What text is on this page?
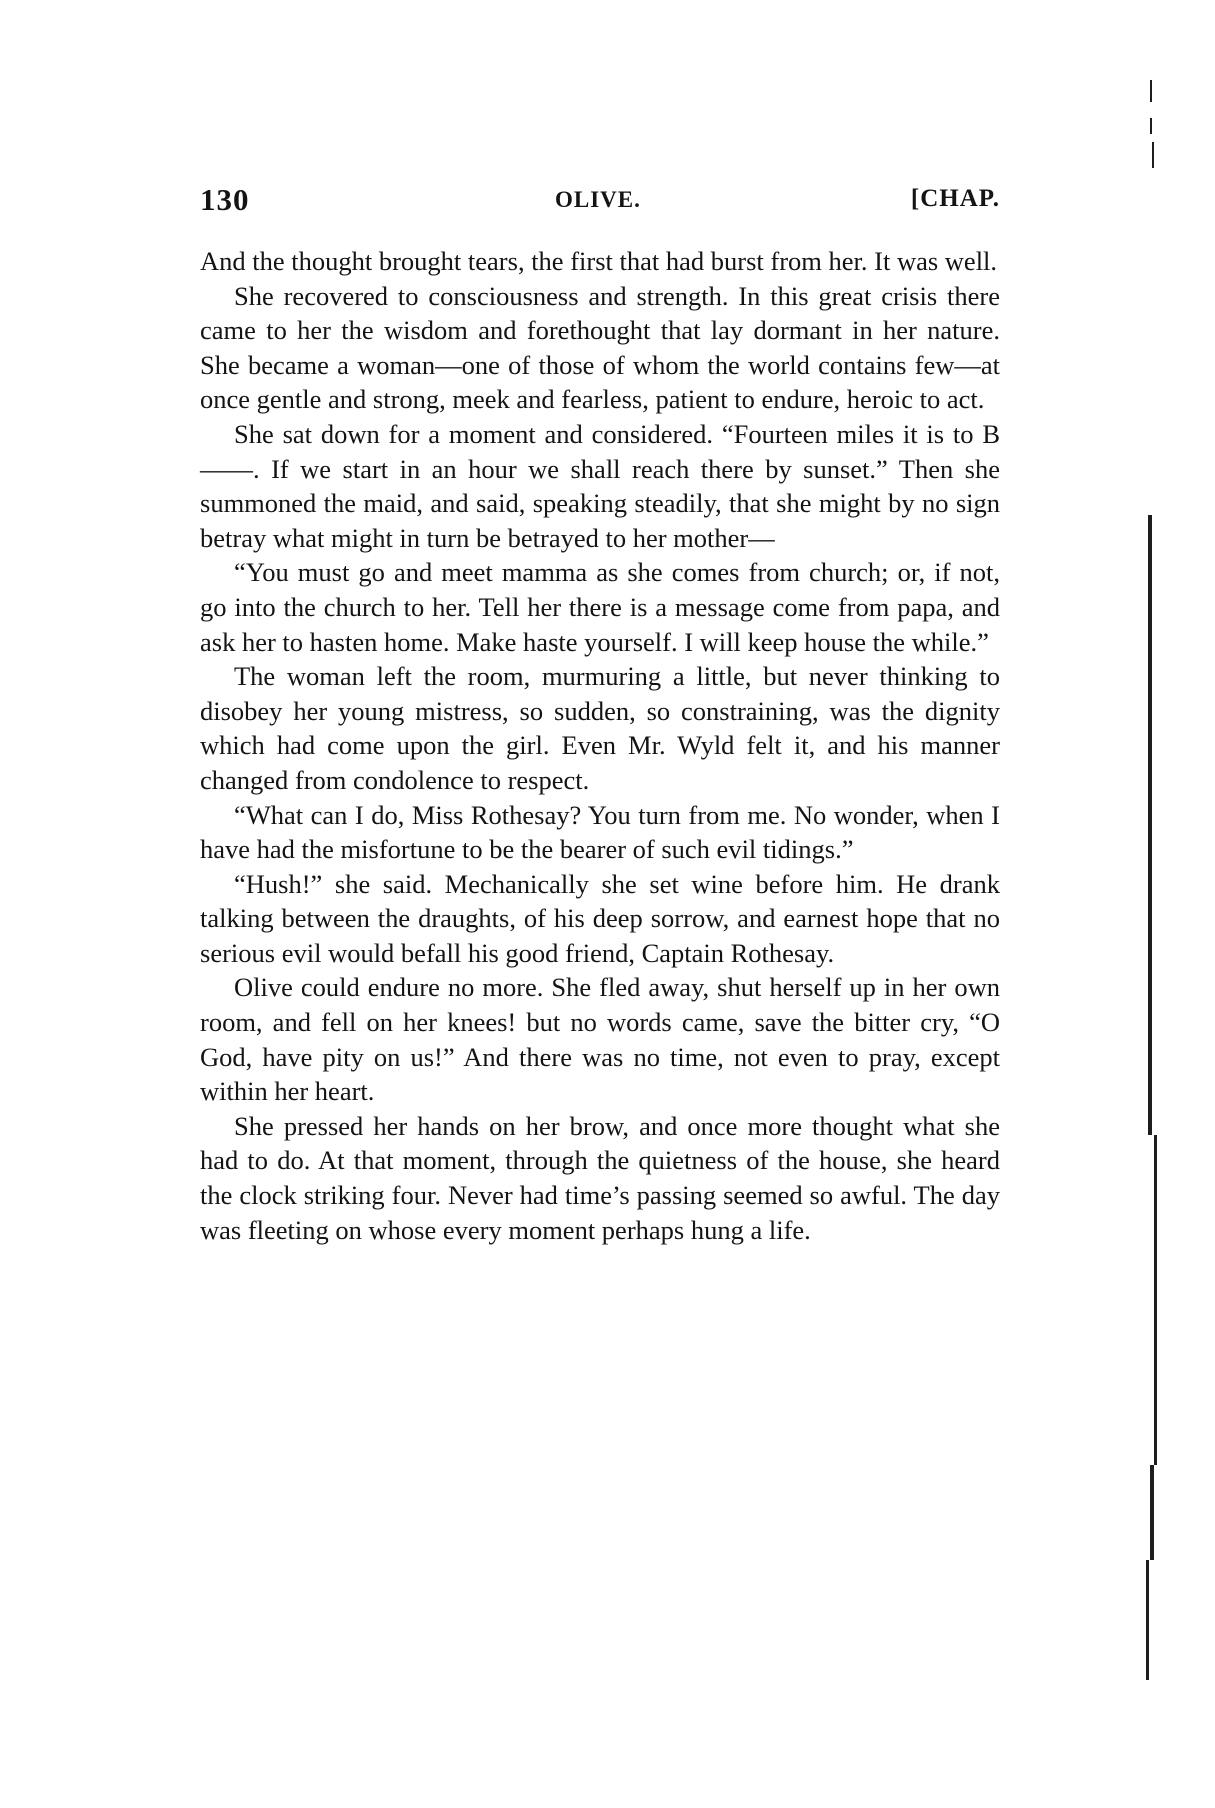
130	OLIVE.	[CHAP.

And the thought brought tears, the first that had burst from her. It was well.

She recovered to consciousness and strength. In this great crisis there came to her the wisdom and forethought that lay dormant in her nature. She became a woman—one of those of whom the world contains few—at once gentle and strong, meek and fearless, patient to endure, heroic to act.

She sat down for a moment and considered. “Fourteen miles it is to B——. If we start in an hour we shall reach there by sunset.” Then she summoned the maid, and said, speaking steadily, that she might by no sign betray what might in turn be betrayed to her mother—

“You must go and meet mamma as she comes from church; or, if not, go into the church to her. Tell her there is a message come from papa, and ask her to hasten home. Make haste yourself. I will keep house the while.”

The woman left the room, murmuring a little, but never thinking to disobey her young mistress, so sudden, so constraining, was the dignity which had come upon the girl. Even Mr. Wyld felt it, and his manner changed from condolence to respect.

“What can I do, Miss Rothesay? You turn from me. No wonder, when I have had the misfortune to be the bearer of such evil tidings.”

“Hush!” she said. Mechanically she set wine before him. He drank talking between the draughts, of his deep sorrow, and earnest hope that no serious evil would befall his good friend, Captain Rothesay.

Olive could endure no more. She fled away, shut herself up in her own room, and fell on her knees! but no words came, save the bitter cry, “O God, have pity on us!” And there was no time, not even to pray, except within her heart.

She pressed her hands on her brow, and once more thought what she had to do. At that moment, through the quietness of the house, she heard the clock striking four. Never had time’s passing seemed so awful. The day was fleeting on whose every moment perhaps hung a life.
